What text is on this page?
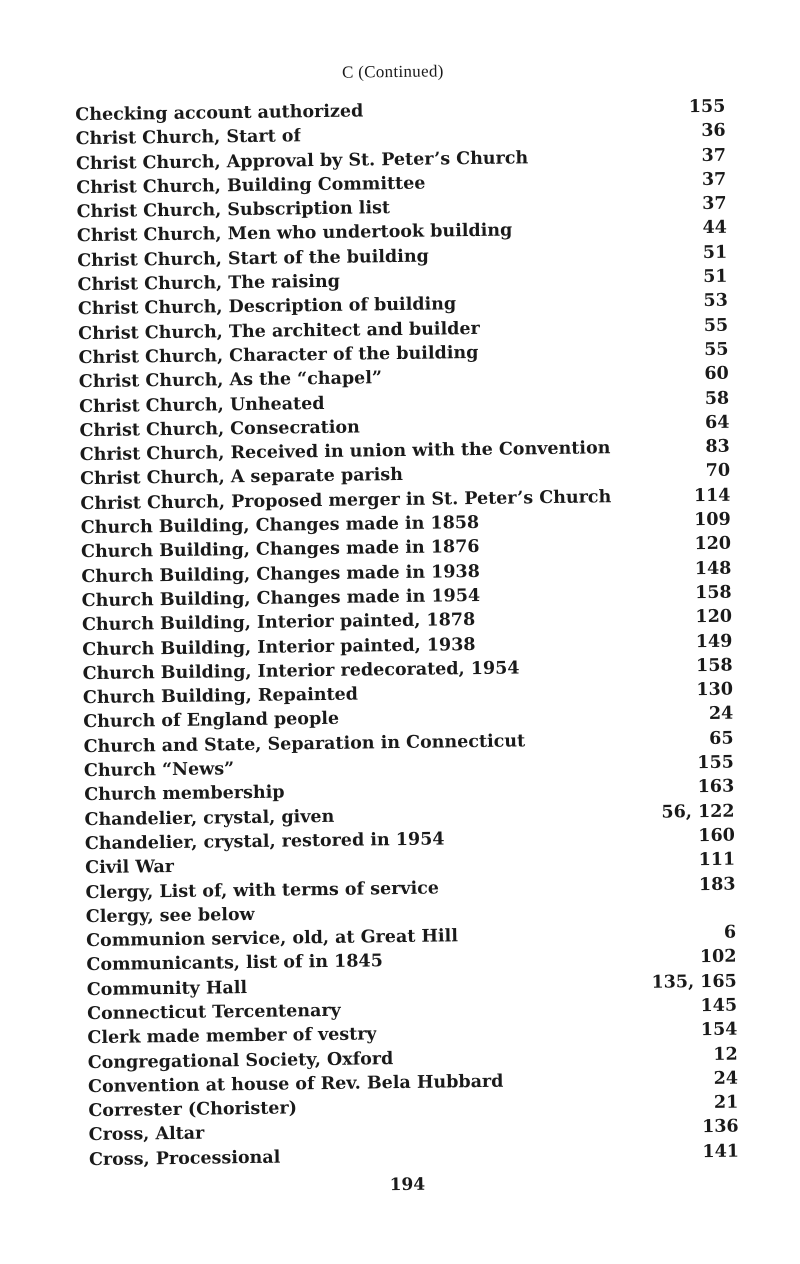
C (Continued)
Checking account authorized	155
Christ Church, Start of	36
Christ Church, Approval by St. Peter’s Church	37
Christ Church, Building Committee	37
Christ Church, Subscription list	37
Christ Church, Men who undertook building	44
Christ Church, Start of the building	51
Christ Church, The raising	51
Christ Church, Description of building	53
Christ Church, The architect and builder	55
Christ Church, Character of the building	55
Christ Church, As the “chapel”	60
Christ Church, Unheated	58
Christ Church, Consecration	64
Christ Church, Received in union with the Convention	83
Christ Church, A separate parish	70
Christ Church, Proposed merger in St. Peter’s Church	114
Church Building, Changes made in 1858	109
Church Building, Changes made in 1876	120
Church Building, Changes made in 1938	148
Church Building, Changes made in 1954	158
Church Building, Interior painted, 1878	120
Church Building, Interior painted, 1938	149
Church Building, Interior redecorated, 1954	158
Church Building, Repainted	130
Church of England people	24
Church and State, Separation in Connecticut	65
Church “News”	155
Church membership	163
Chandelier, crystal, given	56, 122
Chandelier, crystal, restored in 1954	160
Civil War	111
Clergy, List of, with terms of service	183
Clergy, see below
Communion service, old, at Great Hill	6
Communicants, list of in 1845	102
Community Hall	135, 165
Connecticut Tercentenary	145
Clerk made member of vestry	154
Congregational Society, Oxford	12
Convention at house of Rev. Bela Hubbard	24
Correster (Chorister)	21
Cross, Altar	136
Cross, Processional	141
194
